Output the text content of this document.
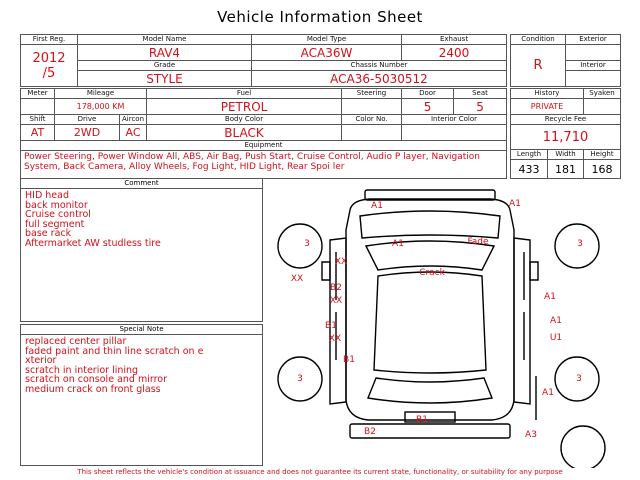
Vehicle Information Sheet
First Reg.	Model Name	Model Type	Exhaust

2012
/5	RAV4	ACA36W	2400
	Grade	Chassis Number	
	STYLE	ACA36-5030512	
Condition	Exterior
R	
	Interior

Meter	Mileage		Fuel	Steering	Door	Seat
	178,000 KM		PETROL		5	5
Shift	Drive	Aircon	Body Color	Color No.	Interior Color	
AT	2WD	AC	BLACK			
Equipment						
Power Steering, Power Window All, ABS, Air Bag, Push Start, Cruise Control, Audio P layer, Navigation System, Back Camera, Alloy Wheels, Fog Light, HID Light, Rear Spoi ler						
History		Syaken
PRIVATE		
Recycle Fee		
11,710		
Length	Width	Height
433	181	168
Comment
HID head
back monitor
Cruise control
full segment
base rack
Aftermarket AW studless tire
Special Note
replaced center pillar
faded paint and thin line scratch on e
xterior
scratch in interior lining
scratch on console and mirror
medium crack on front glass
A1	A1
3	3
A1	Fade
XX
XX
Crack
B2
XX	A1
B1
XX
A1
U1
B1
3	3
A1
B1
B2	A3
This sheet reflects the vehicle's condition at issuance and does not guarantee its current state, functionality, or suitability for any purpose
